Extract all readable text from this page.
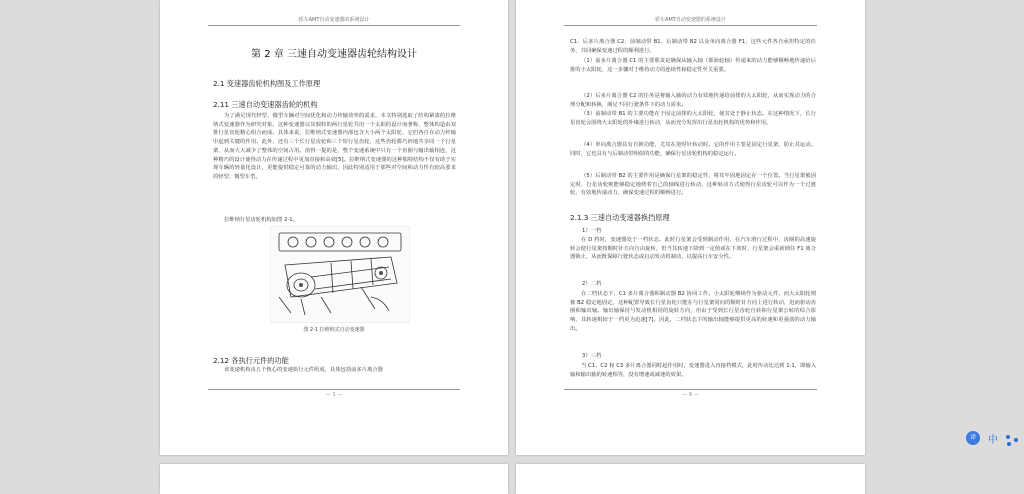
轿车AMT自动变速器的系统设计
第 2 章 三速自动变速器齿轮结构设计
2.1 变速器齿轮机构图及工作原理
2.11 三速自动变速器齿轮的机构
为了满足现代轻型、微型车辆对空间优化和动力传输效率的需求，本文特别选取了结构紧凑的拉维纳式变速器作为研究对象。这种变速器以其独特的两行星轮共用一个太阳的设计而著称，整体构造由双排行星齿轮精心组合而成。具体来说，拉维纳式变速器内部包含大小两个太阳轮，它们各自在动力传输中起到关键的作用。此外，还有三个长行星齿轮和三个短行星齿轮，这些齿轮都巧妙地共享同一个行星架，从而大大减少了整体的空间占用。值得一提的是，整个变速系统中只有一个齿圈与输出轴相连，这种精巧的设计使得动力在传递过程中更加直接和高效[5]。拉维纳式变速器的这种独特结构不仅有助于实现车辆的轻量化设计，更能提供稳定可靠的动力输出，因此特别适用于那些对空间和动力性有较高要求的轻型、微型车型。
拉维纳行星齿轮机构如图 2-1。
图 2-1 拉维纳式自动变速器
2.12 各执行元件的功能
该变速机构由五个核心的变速执行元件组成，具体包括前多片离合器
— 1 —
轿车AMT自动变速器的系统设计
C1、后多片离合器 C2、前制动带 B1、后制动带 B2 以及单向离合器 F1，这些元件各自承担特定的任务，共同确保变速过程的顺利进行。
（1）前多片离合器 C1 的主要职责是确保从输入轴（即涡轮轴）传递来的动力能够顺畅地传递给后排的小太阳轮，这一步骤对于维持动力的连续性和稳定性至关重要。
（2）后多片离合器 C2 的任务是将输入轴的动力有效地传递给前排的大太阳轮，从而实现动力的合理分配和转换，满足不同行驶条件下的动力需求。
（3）前制动带 B1 的主要功能在于固定前排的大太阳轮，使其处于静止状态。在这种情况下，长行星齿轮会围绕大太阳轮的外缘进行转动，从而充分发挥出行星齿轮机构的优势和作用。
（4）单向离合器具有自锁功能，尤其在逆时针转动时。它的作用主要是固定行星架，防止其运动。同时，它也具有与后制动带相似的功能，确保行星齿轮机构的稳定运行。
（5）后制动带 B2 的主要作用是确保行星架的稳定性，将其牢固地固定在一个位置。当行星架被固定时，行星齿轮则能够稳定地绕着自己的轴线进行转动，这种转动方式使得行星齿轮可以作为一个过渡轮，有效地传递动力，确保变速过程的顺畅进行。
2.1.3 三速自动变速器换挡原理
1）一档
在 D 档时，变速器处于一档状态。此时行星架会受到制动作用，在汽车滑行过程中，齿圈的高速旋转会使行星架按顺时针方向自由旋转，但当其转速下降到一定值或在下坡时，行星架会重新锁住 F1 离合器锁止，从而既保障行驶状态或启动发动机制动，以提高行车安全性。
2）二档
在二档状态下，C1 多片离合器和制动器 B2 协同工作。小太阳轮继续作为驱动元件，而大太阳轮则被 B2 稳定地固定，这种配置导致长行星齿轮只能在与行星架同向的顺时针方向上进行转动，进而驱动齿圈和输出轴。输出轴保持与发动机相同的旋转方向，但由于受到长行星齿轮自转和行星架公转的综合影响，其转速相较于一档更为迅速[7]。因此，二档状态下的输出轴能够提供更高的转速和更强劲的动力输出。
3）三档
当 C1、C2 和 C3 多片离合器同时起作用时，变速器进入直接档模式，此时传动比达到 1:1，即输入轴和输出轴的转速相等，没有增速或减速的效果。
— 8 —
译	中
